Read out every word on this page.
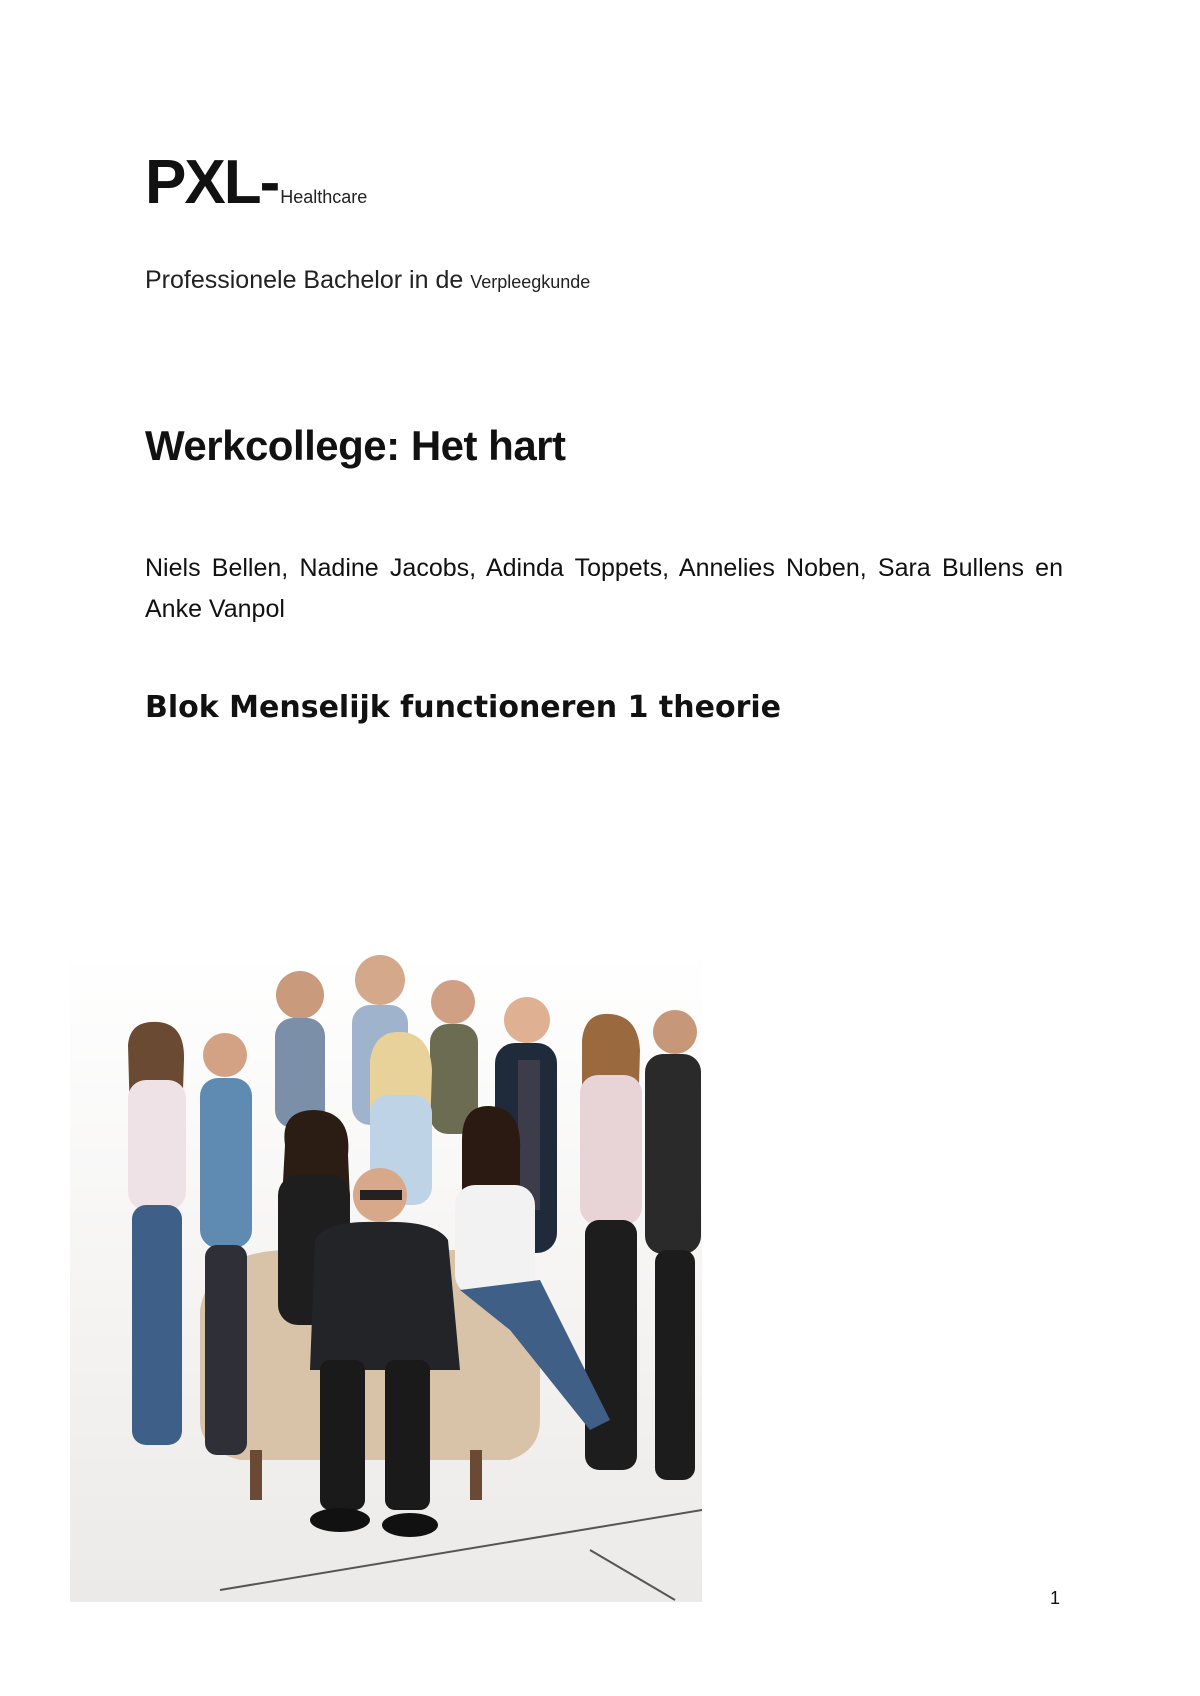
PXL- Healthcare
Professionele Bachelor in de Verpleegkunde
Werkcollege: Het hart

Niels Bellen, Nadine Jacobs, Adinda Toppets, Annelies Noben, Sara Bullens en Anke Vanpol

Blok Menselijk functioneren 1 theorie
1
